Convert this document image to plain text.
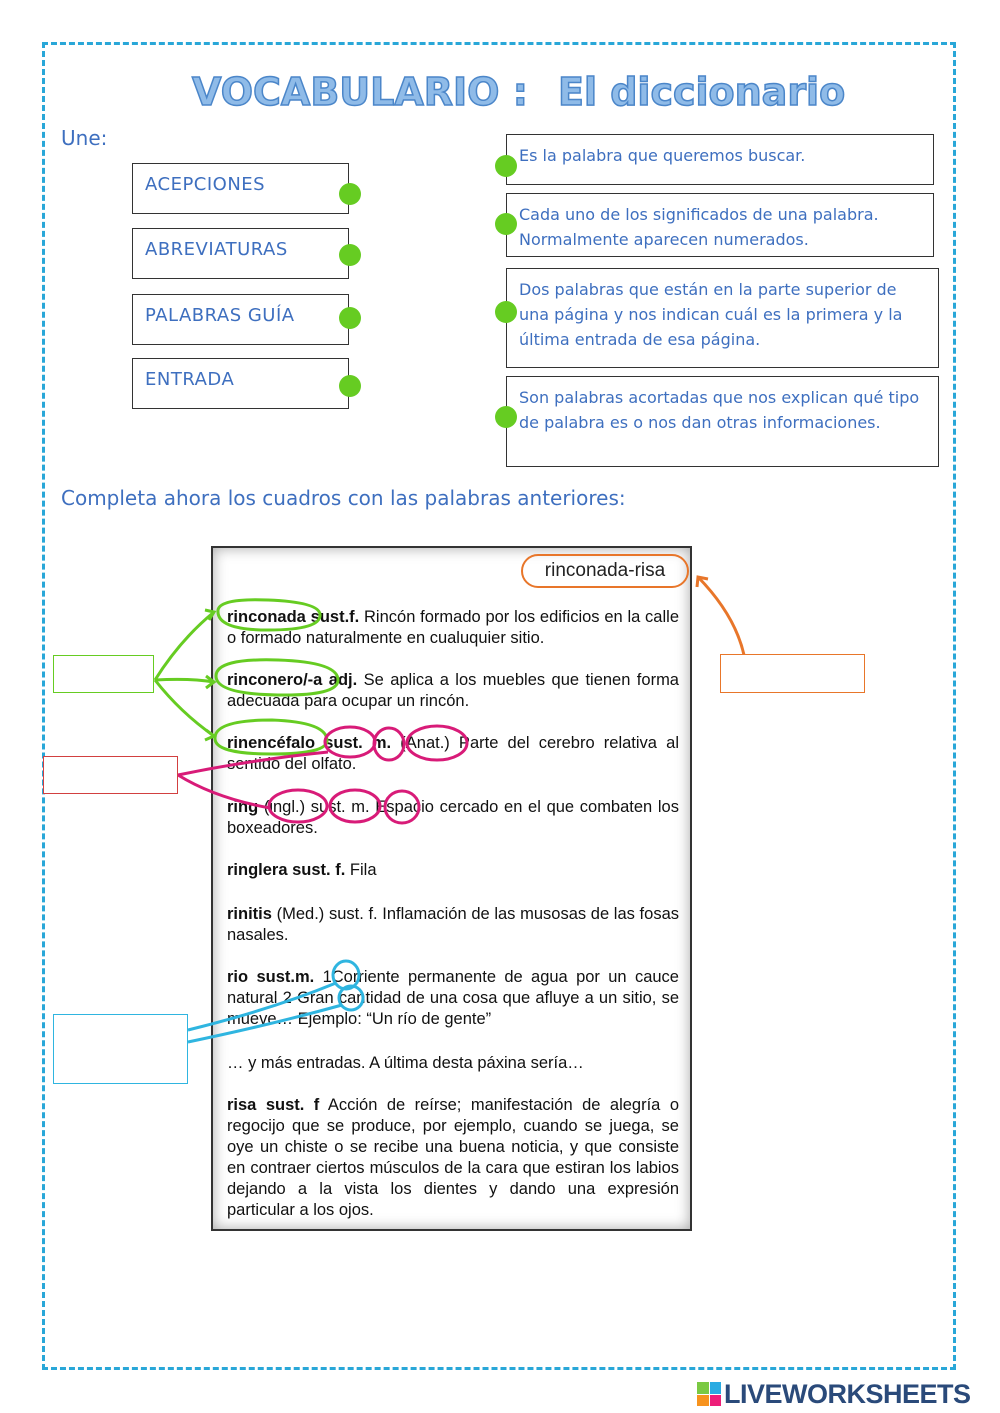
VOCABULARIO : El diccionario
Une:
ACEPCIONES
ABREVIATURAS
PALABRAS GUÍA
ENTRADA
Es la palabra que queremos buscar.
Cada uno de los significados de una palabra. Normalmente aparecen numerados.
Dos palabras que están en la parte superior de una página y nos indican cuál es la primera y la última entrada de esa página.
Son palabras acortadas que nos explican qué tipo de palabra es o nos dan otras informaciones.
Completa ahora los cuadros con las palabras anteriores:
rinconada-risa
rinconada sust.f. Rincón formado por los edificios en la calle o formado naturalmente en cualuquier sitio.
rinconero/-a adj. Se aplica a los muebles que tienen forma adecuada para ocupar un rincón.
rinencéfalo sust. m. (Anat.) Parte del cerebro relativa al sentido del olfato.
ring (ingl.) sust. m. Espacio cercado en el que combaten los boxeadores.
ringlera sust. f. Fila
rinitis (Med.) sust. f. Inflamación de las musosas de las fosas nasales.
rio sust.m. 1Corriente permanente de agua por un cauce natural 2 Gran cantidad de una cosa que afluye a un sitio, se mueve… Ejemplo: “Un río de gente”
… y más entradas. A última desta páxina sería…
risa sust. f Acción de reírse; manifestación de alegría o regocijo que se produce, por ejemplo, cuando se juega, se oye un chiste o se recibe una buena noticia, y que consiste en contraer ciertos músculos de la cara que estiran los labios dejando a la vista los dientes y dando una expresión particular a los ojos.
LIVEWORKSHEETS
